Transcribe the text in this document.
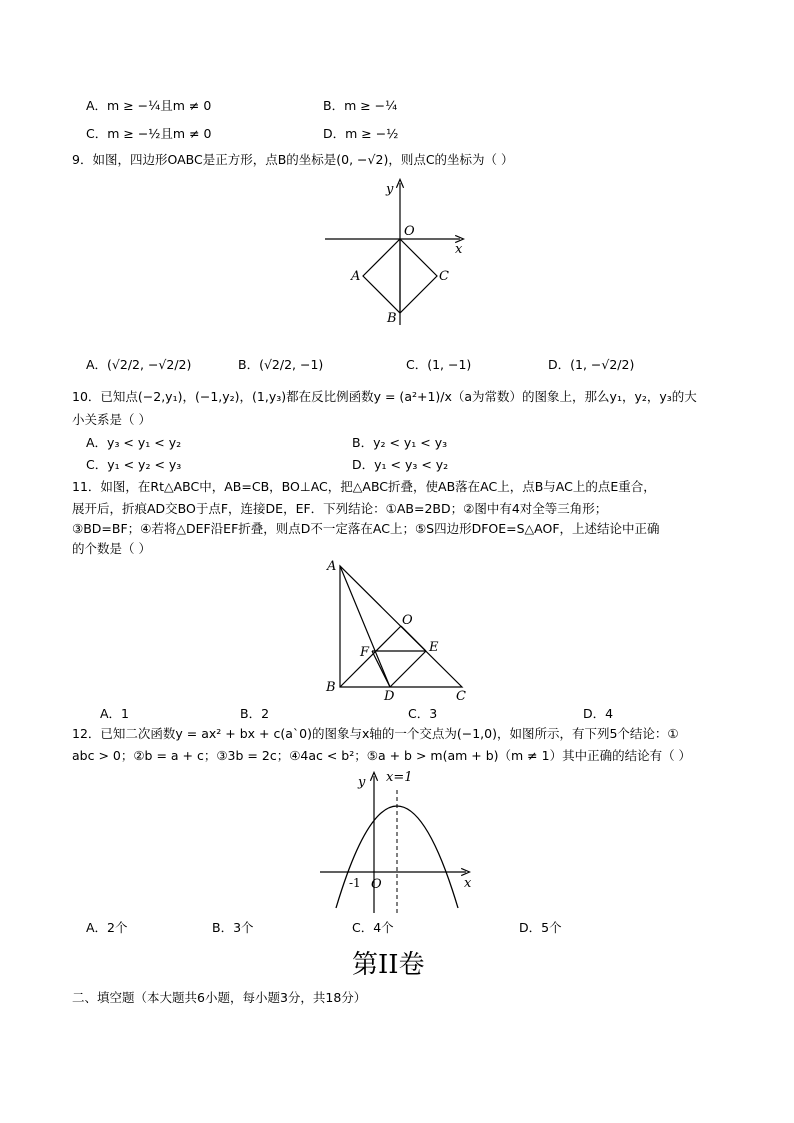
A．m ≥ −¼且m ≠ 0	B．m ≥ −¼
C．m ≥ −½且m ≠ 0	D．m ≥ −½
9．如图，四边形OABC是正方形，点B的坐标是(0, −√2)，则点C的坐标为（ ）
y
x
O
A	C
B
A．(√2/2, −√2/2)	B．(√2/2, −1)	C．(1, −1)	D．(1, −√2/2)
10．已知点(−2,y₁)，(−1,y₂)，(1,y₃)都在反比例函数y = (a²+1)/x（a为常数）的图象上，那么y₁，y₂，y₃的大
小关系是（ ）
A．y₃ < y₁ < y₂	B．y₂ < y₁ < y₃
C．y₁ < y₂ < y₃	D．y₁ < y₃ < y₂
11．如图，在Rt△ABC中，AB=CB，BO⊥AC，把△ABC折叠，使AB落在AC上，点B与AC上的点E重合，
展开后，折痕AD交BO于点F，连接DE，EF．下列结论：①AB=2BD；②图中有4对全等三角形；
③BD=BF；④若将△DEF沿EF折叠，则点D不一定落在AC上；⑤S四边形DFOE=S△AOF，上述结论中正确
的个数是（ ）
A
B
C
D
O
E
F
A．1	B．2	C．3	D．4
12．已知二次函数y = ax² + bx + c(a`0)的图象与x轴的一个交点为(−1,0)，如图所示，有下列5个结论：①
abc > 0；②b = a + c；③3b = 2c；④4ac < b²；⑤a + b > m(am + b)（m ≠ 1）其中正确的结论有（ ）
y
x
O
-1
x=1
A．2个	B．3个	C．4个	D．5个
第II卷
二、填空题（本大题共6小题，每小题3分，共18分）
